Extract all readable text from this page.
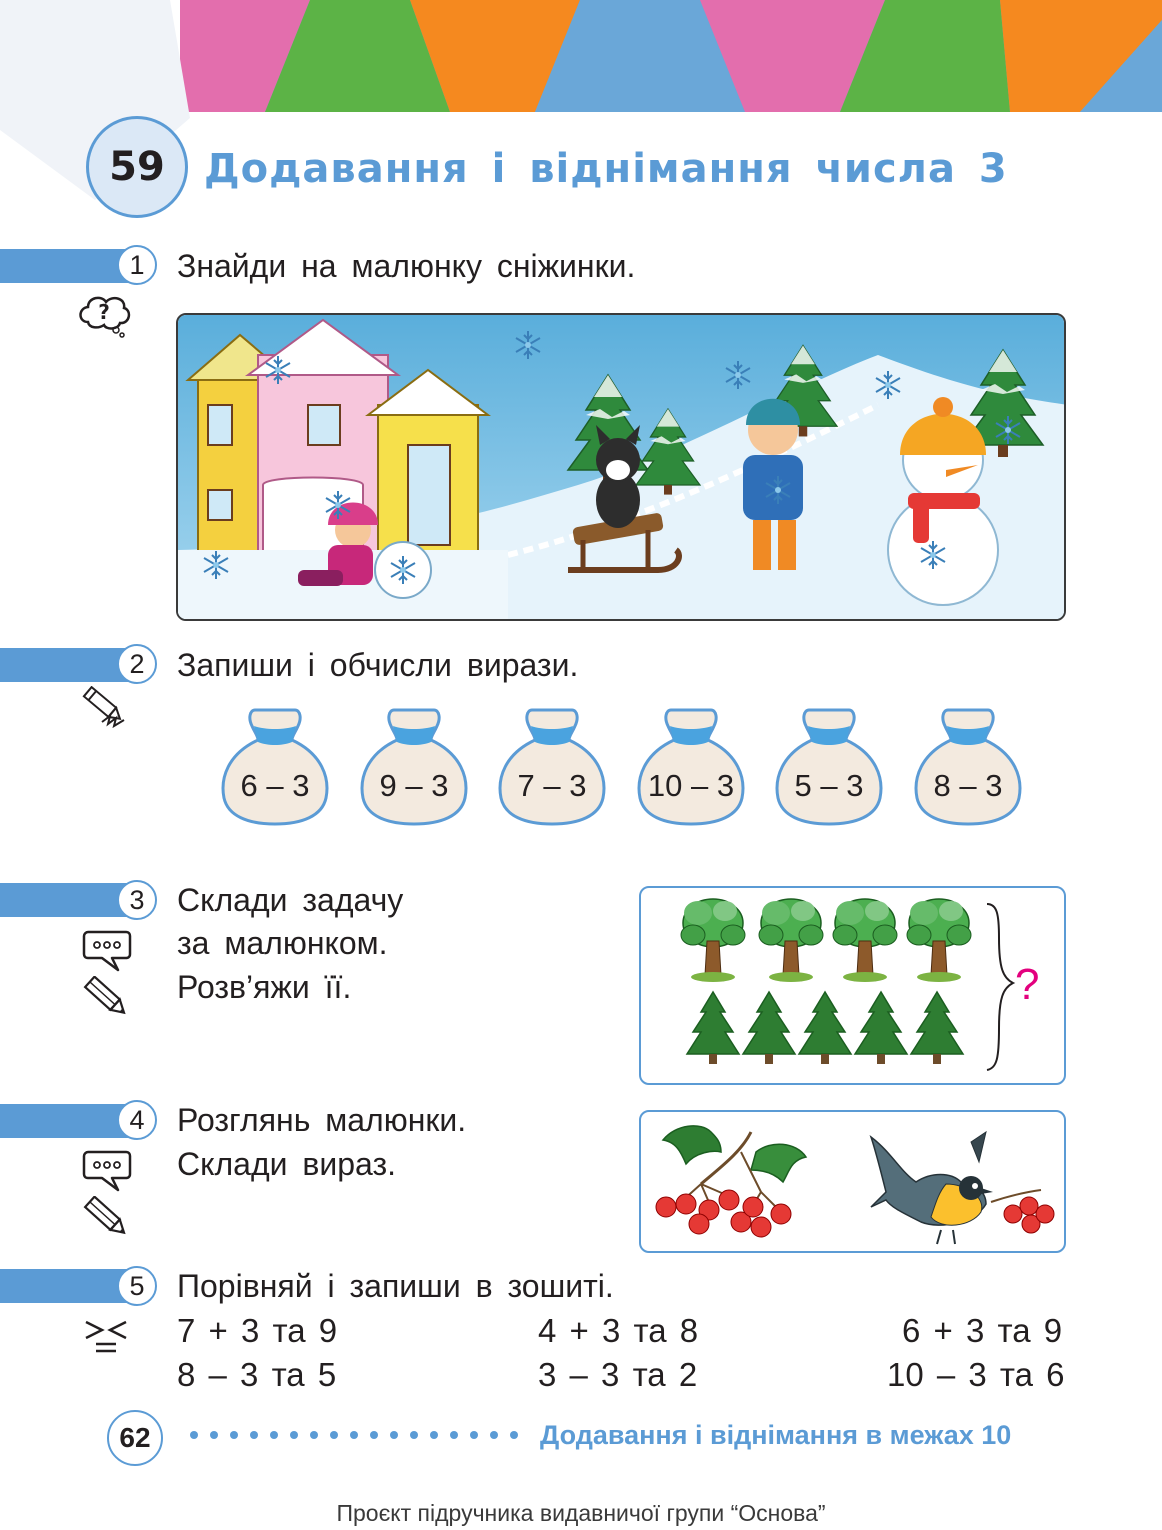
59 Додавання і віднімання числа 3
1	Знайди на малюнку сніжинки.
?
2	Запиши і обчисли вирази.
6 – 3	9 – 3	7 – 3	10 – 3	5 – 3	8 – 3
3	Склади задачу
за малюнком.
Розв’яжи її.	?
4	Розглянь малюнки.
Склади вираз.
5	Порівняй і запиши в зошиті.
7 + 3 та 9	4 + 3 та 8	6 + 3 та 9
8 – 3 та 5	3 – 3 та 2	10 – 3 та 6
62	Додавання і віднімання в межах 10
Проєкт підручника видавничої групи “Основа”
